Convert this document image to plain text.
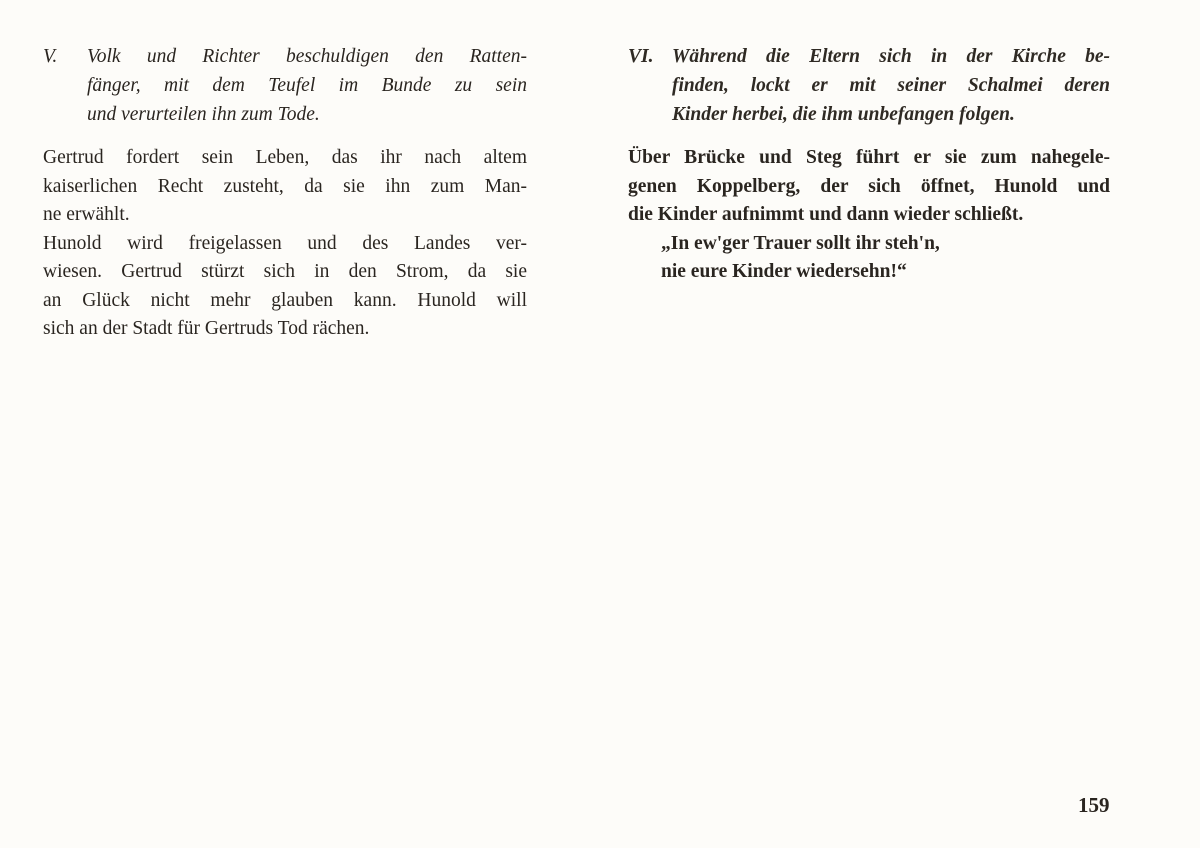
V. Volk und Richter beschuldigen den Ratten-
fänger, mit dem Teufel im Bunde zu sein
und verurteilen ihn zum Tode.
Gertrud fordert sein Leben, das ihr nach altem
kaiserlichen Recht zusteht, da sie ihn zum Man-
ne erwählt.
Hunold wird freigelassen und des Landes ver-
wiesen. Gertrud stürzt sich in den Strom, da sie
an Glück nicht mehr glauben kann. Hunold will
sich an der Stadt für Gertruds Tod rächen.
VI. Während die Eltern sich in der Kirche be-
finden, lockt er mit seiner Schalmei deren
Kinder herbei, die ihm unbefangen folgen.
Über Brücke und Steg führt er sie zum nahegele-
genen Koppelberg, der sich öffnet, Hunold und
die Kinder aufnimmt und dann wieder schließt.
„In ew'ger Trauer sollt ihr steh'n,
nie eure Kinder wiedersehn!“
159
